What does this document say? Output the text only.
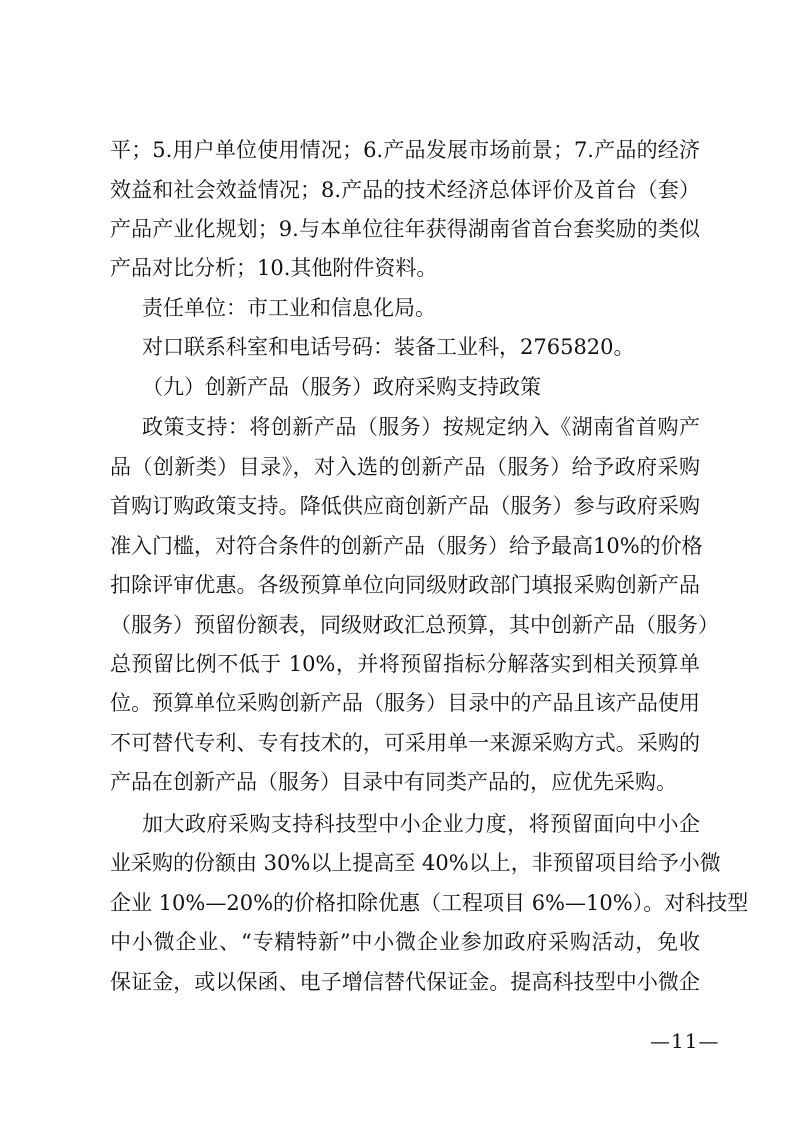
平；5.用户单位使用情况；6.产品发展市场前景；7.产品的经济
效益和社会效益情况；8.产品的技术经济总体评价及首台（套）
产品产业化规划；9.与本单位往年获得湖南省首台套奖励的类似
产品对比分析；10.其他附件资料。
责任单位：市工业和信息化局。
对口联系科室和电话号码：装备工业科，2765820。
（九）创新产品（服务）政府采购支持政策
政策支持：将创新产品（服务）按规定纳入《湖南省首购产
品（创新类）目录》，对入选的创新产品（服务）给予政府采购
首购订购政策支持。降低供应商创新产品（服务）参与政府采购
准入门槛，对符合条件的创新产品（服务）给予最高10%的价格
扣除评审优惠。各级预算单位向同级财政部门填报采购创新产品
（服务）预留份额表，同级财政汇总预算，其中创新产品（服务）
总预留比例不低于 10%，并将预留指标分解落实到相关预算单
位。预算单位采购创新产品（服务）目录中的产品且该产品使用
不可替代专利、专有技术的，可采用单一来源采购方式。采购的
产品在创新产品（服务）目录中有同类产品的，应优先采购。
加大政府采购支持科技型中小企业力度，将预留面向中小企
业采购的份额由 30%以上提高至 40%以上，非预留项目给予小微
企业 10%—20%的价格扣除优惠（工程项目 6%—10%）。对科技型
中小微企业、“专精特新”中小微企业参加政府采购活动，免收
保证金，或以保函、电子增信替代保证金。提高科技型中小微企
—11—
